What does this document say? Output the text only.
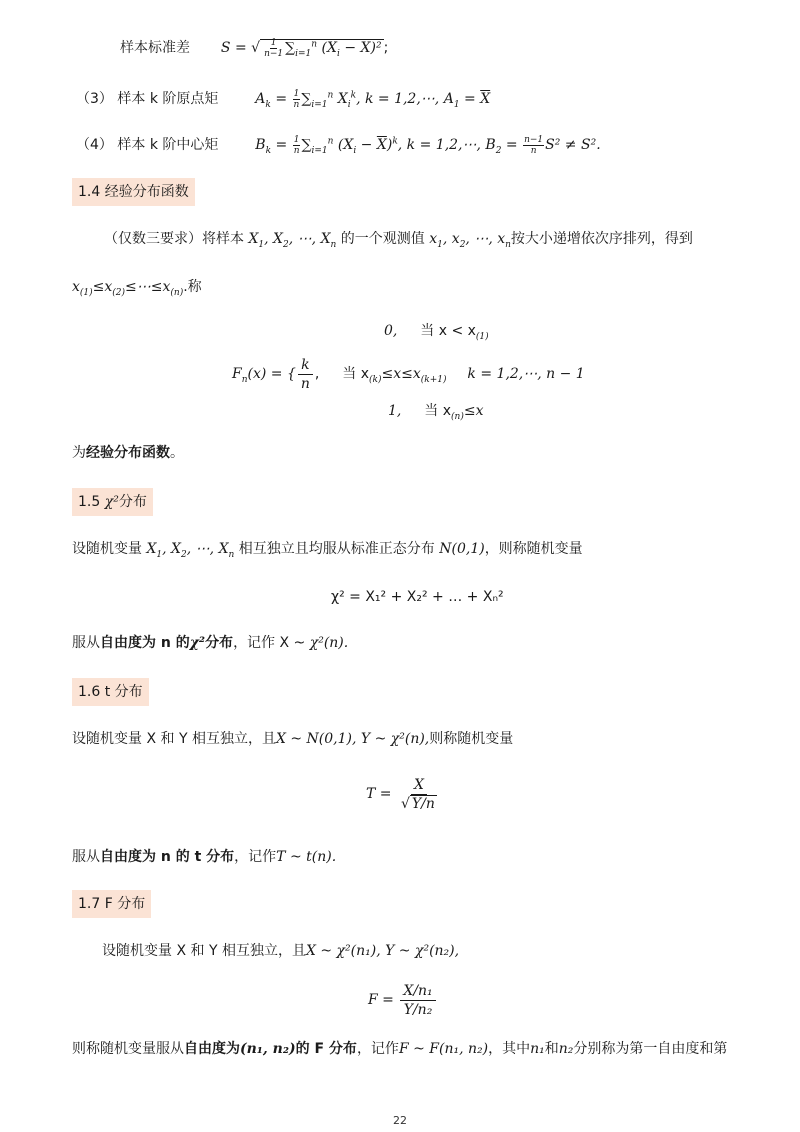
样本标准差 S = √ $\frac{1}{n-1} \sum_{i=1}^n$ $(X_i - \overline{X})^2$ ;
（3） 样本 k 阶原点矩	$A_k = \frac{1}{n} \sum_{i=1}^n$ $X_i^k$, k = 1,2,⋯, $A_1 = \overline{X}$
（4） 样本 k 阶中心矩	$B_k = \frac{1}{n} \sum_{i=1}^n$ $(X_i - \overline{X})^k$, k = 1,2,⋯, $B_2 = \frac{n-1}{n} S^2 \ne S^2$.
1.4 经验分布函数
（仅数三要求）将样本 $X_1$, $X_2$, ⋯, $X_n$ 的一个观测值 $x_1$, $x_2$, ⋯, $x_n$按大小递增依次序排列，得到
$x_{(1)}\le x_{(2)}\le\cdots\le x_{(n)}$.称
0, 当 $x < x_{(1)}$
$F_n(x)$ = { $\frac{k}{n}$ , 当 $x_{(k)}\le x\le x_{(k+1)}$ k = 1,2,⋯, n − 1
1, 当 $x_{(n)}\le x$
为经验分布函数。
1.5 χ²分布
设随机变量 $X_1$, $X_2$, ⋯, $X_n$ 相互独立且均服从标准正态分布 N(0,1)，则称随机变量
χ² = X₁² + X₂² + … + Xₙ²
服从自由度为 n 的χ²分布，记作 X ~ χ²(n).
1.6 t 分布
设随机变量 X 和 Y 相互独立，且X ~ N(0,1), Y ~ χ²(n),则称随机变量
$T = \frac{X}{√ Y/n}$
服从自由度为 n 的 t 分布，记作T ~ t(n).
1.7 F 分布
设随机变量 X 和 Y 相互独立，且X ~ χ²(n₁), Y ~ χ²(n₂),
$F = \frac{\text{X/n₁}}{\text{Y/n₂}}$
则称随机变量服从自由度为(n₁, n₂)的 F 分布，记作F ~ F(n₁, n₂)，其中n₁和n₂分别称为第一自由度和第
22
